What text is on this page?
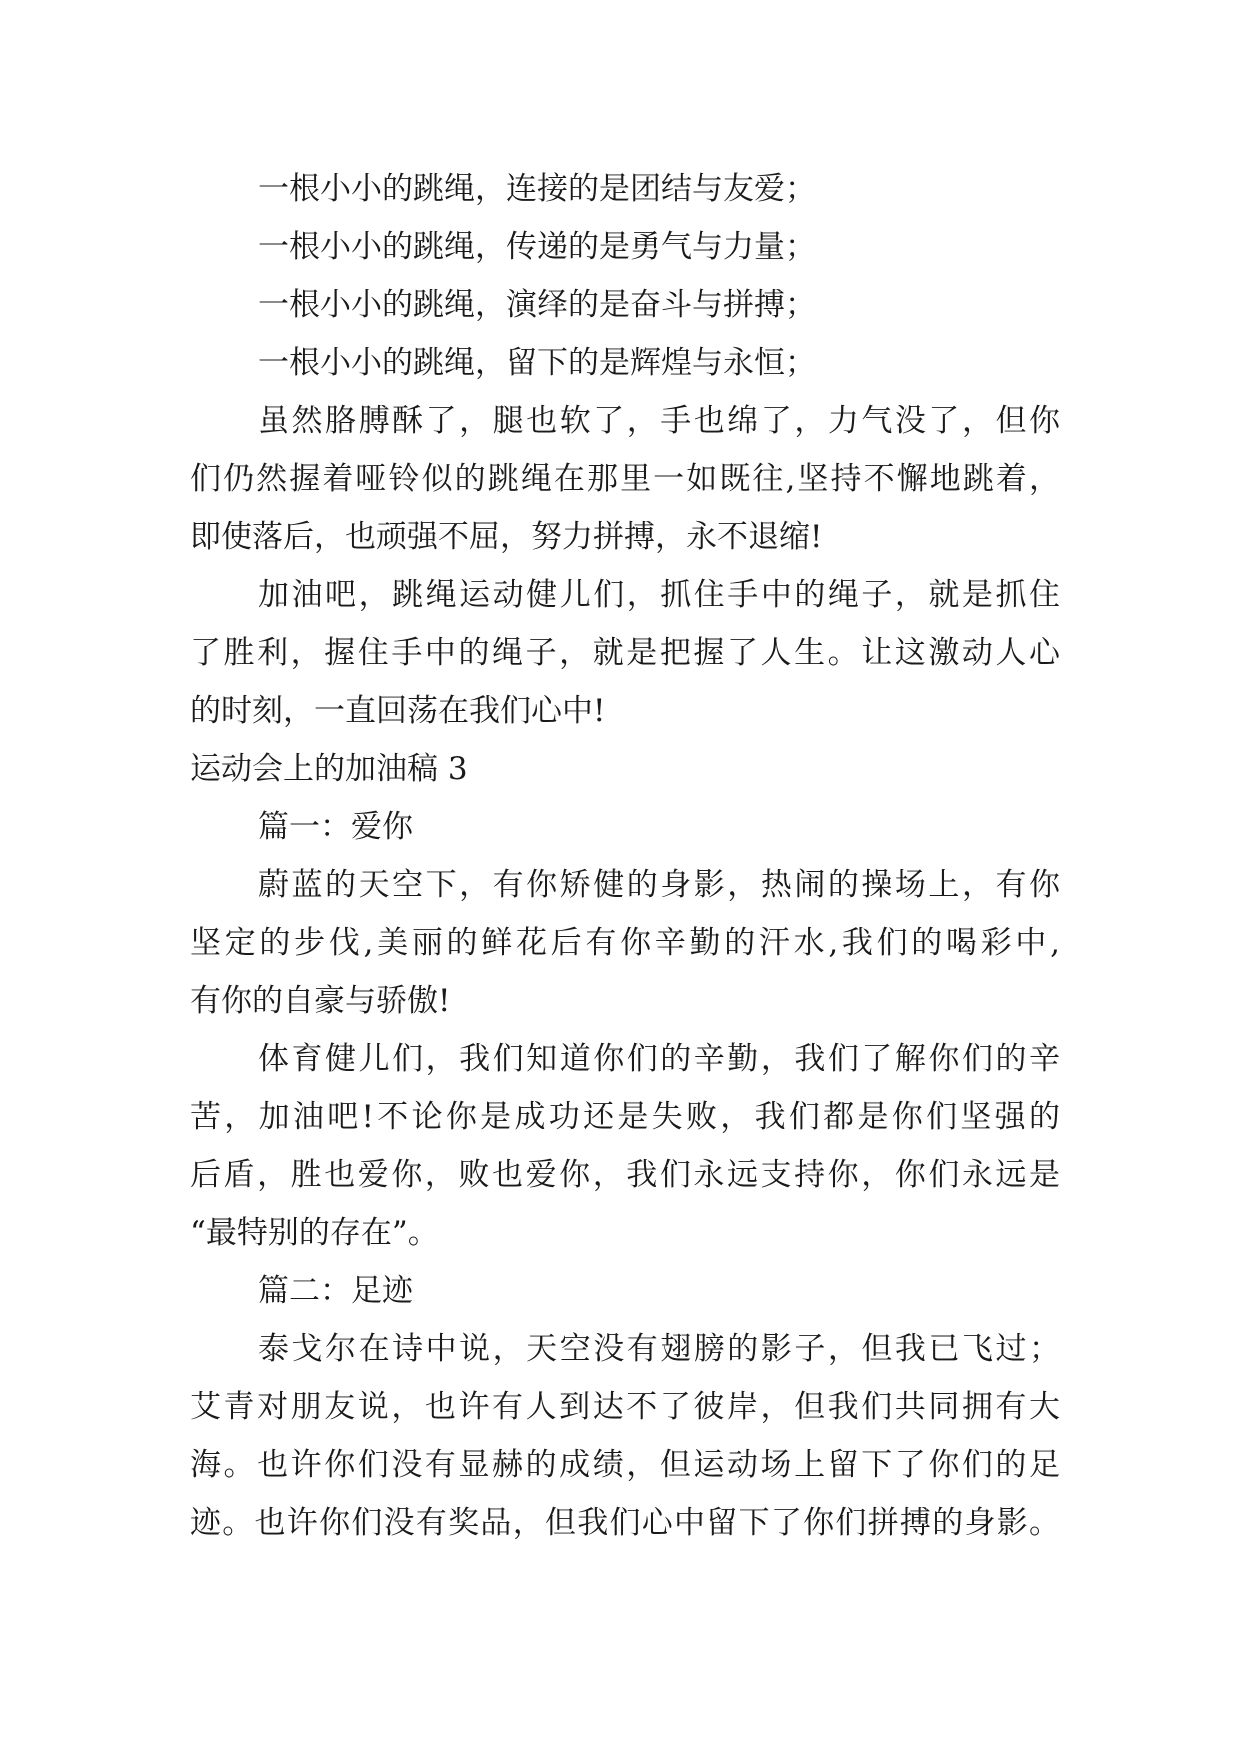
一根小小的跳绳，连接的是团结与友爱；
一根小小的跳绳，传递的是勇气与力量；
一根小小的跳绳，演绎的是奋斗与拼搏；
一根小小的跳绳，留下的是辉煌与永恒；
虽然胳膊酥了，腿也软了，手也绵了，力气没了，但你
们仍然握着哑铃似的跳绳在那里一如既往,坚持不懈地跳着，
即使落后，也顽强不屈，努力拼搏，永不退缩!
加油吧，跳绳运动健儿们，抓住手中的绳子，就是抓住
了胜利，握住手中的绳子，就是把握了人生。让这激动人心
的时刻，一直回荡在我们心中!
运动会上的加油稿 3
篇一：爱你
蔚蓝的天空下，有你矫健的身影，热闹的操场上，有你
坚定的步伐,美丽的鲜花后有你辛勤的汗水,我们的喝彩中,
有你的自豪与骄傲!
体育健儿们，我们知道你们的辛勤，我们了解你们的辛
苦，加油吧!不论你是成功还是失败，我们都是你们坚强的
后盾，胜也爱你，败也爱你，我们永远支持你，你们永远是
“最特别的存在”。
篇二：足迹
泰戈尔在诗中说，天空没有翅膀的影子，但我已飞过；
艾青对朋友说，也许有人到达不了彼岸，但我们共同拥有大
海。也许你们没有显赫的成绩，但运动场上留下了你们的足
迹。也许你们没有奖品，但我们心中留下了你们拼搏的身影。
